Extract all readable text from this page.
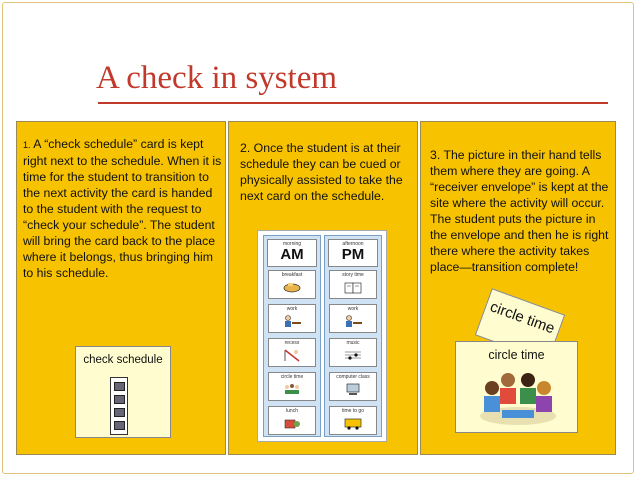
A check in system
1. A “check schedule” card is kept right next to the schedule. When it is time for the student to transition to the next activity the card is handed to the student with the request to “check your schedule”. The student will bring the card back to the place where it belongs, thus bringing him to his schedule.
check schedule
2. Once the student is at their schedule they can be cued or physically assisted to take the next card on the schedule.
morning
AM
breakfast
work
recess
circle time
lunch
afternoon
PM
story time
work
music
computer class
time to go
3. The picture in their hand tells them where they are going. A “receiver envelope” is kept at the site where the activity will occur. The student puts the picture in the envelope and then he is right there where the activity takes place—transition complete!
circle time
circle time
